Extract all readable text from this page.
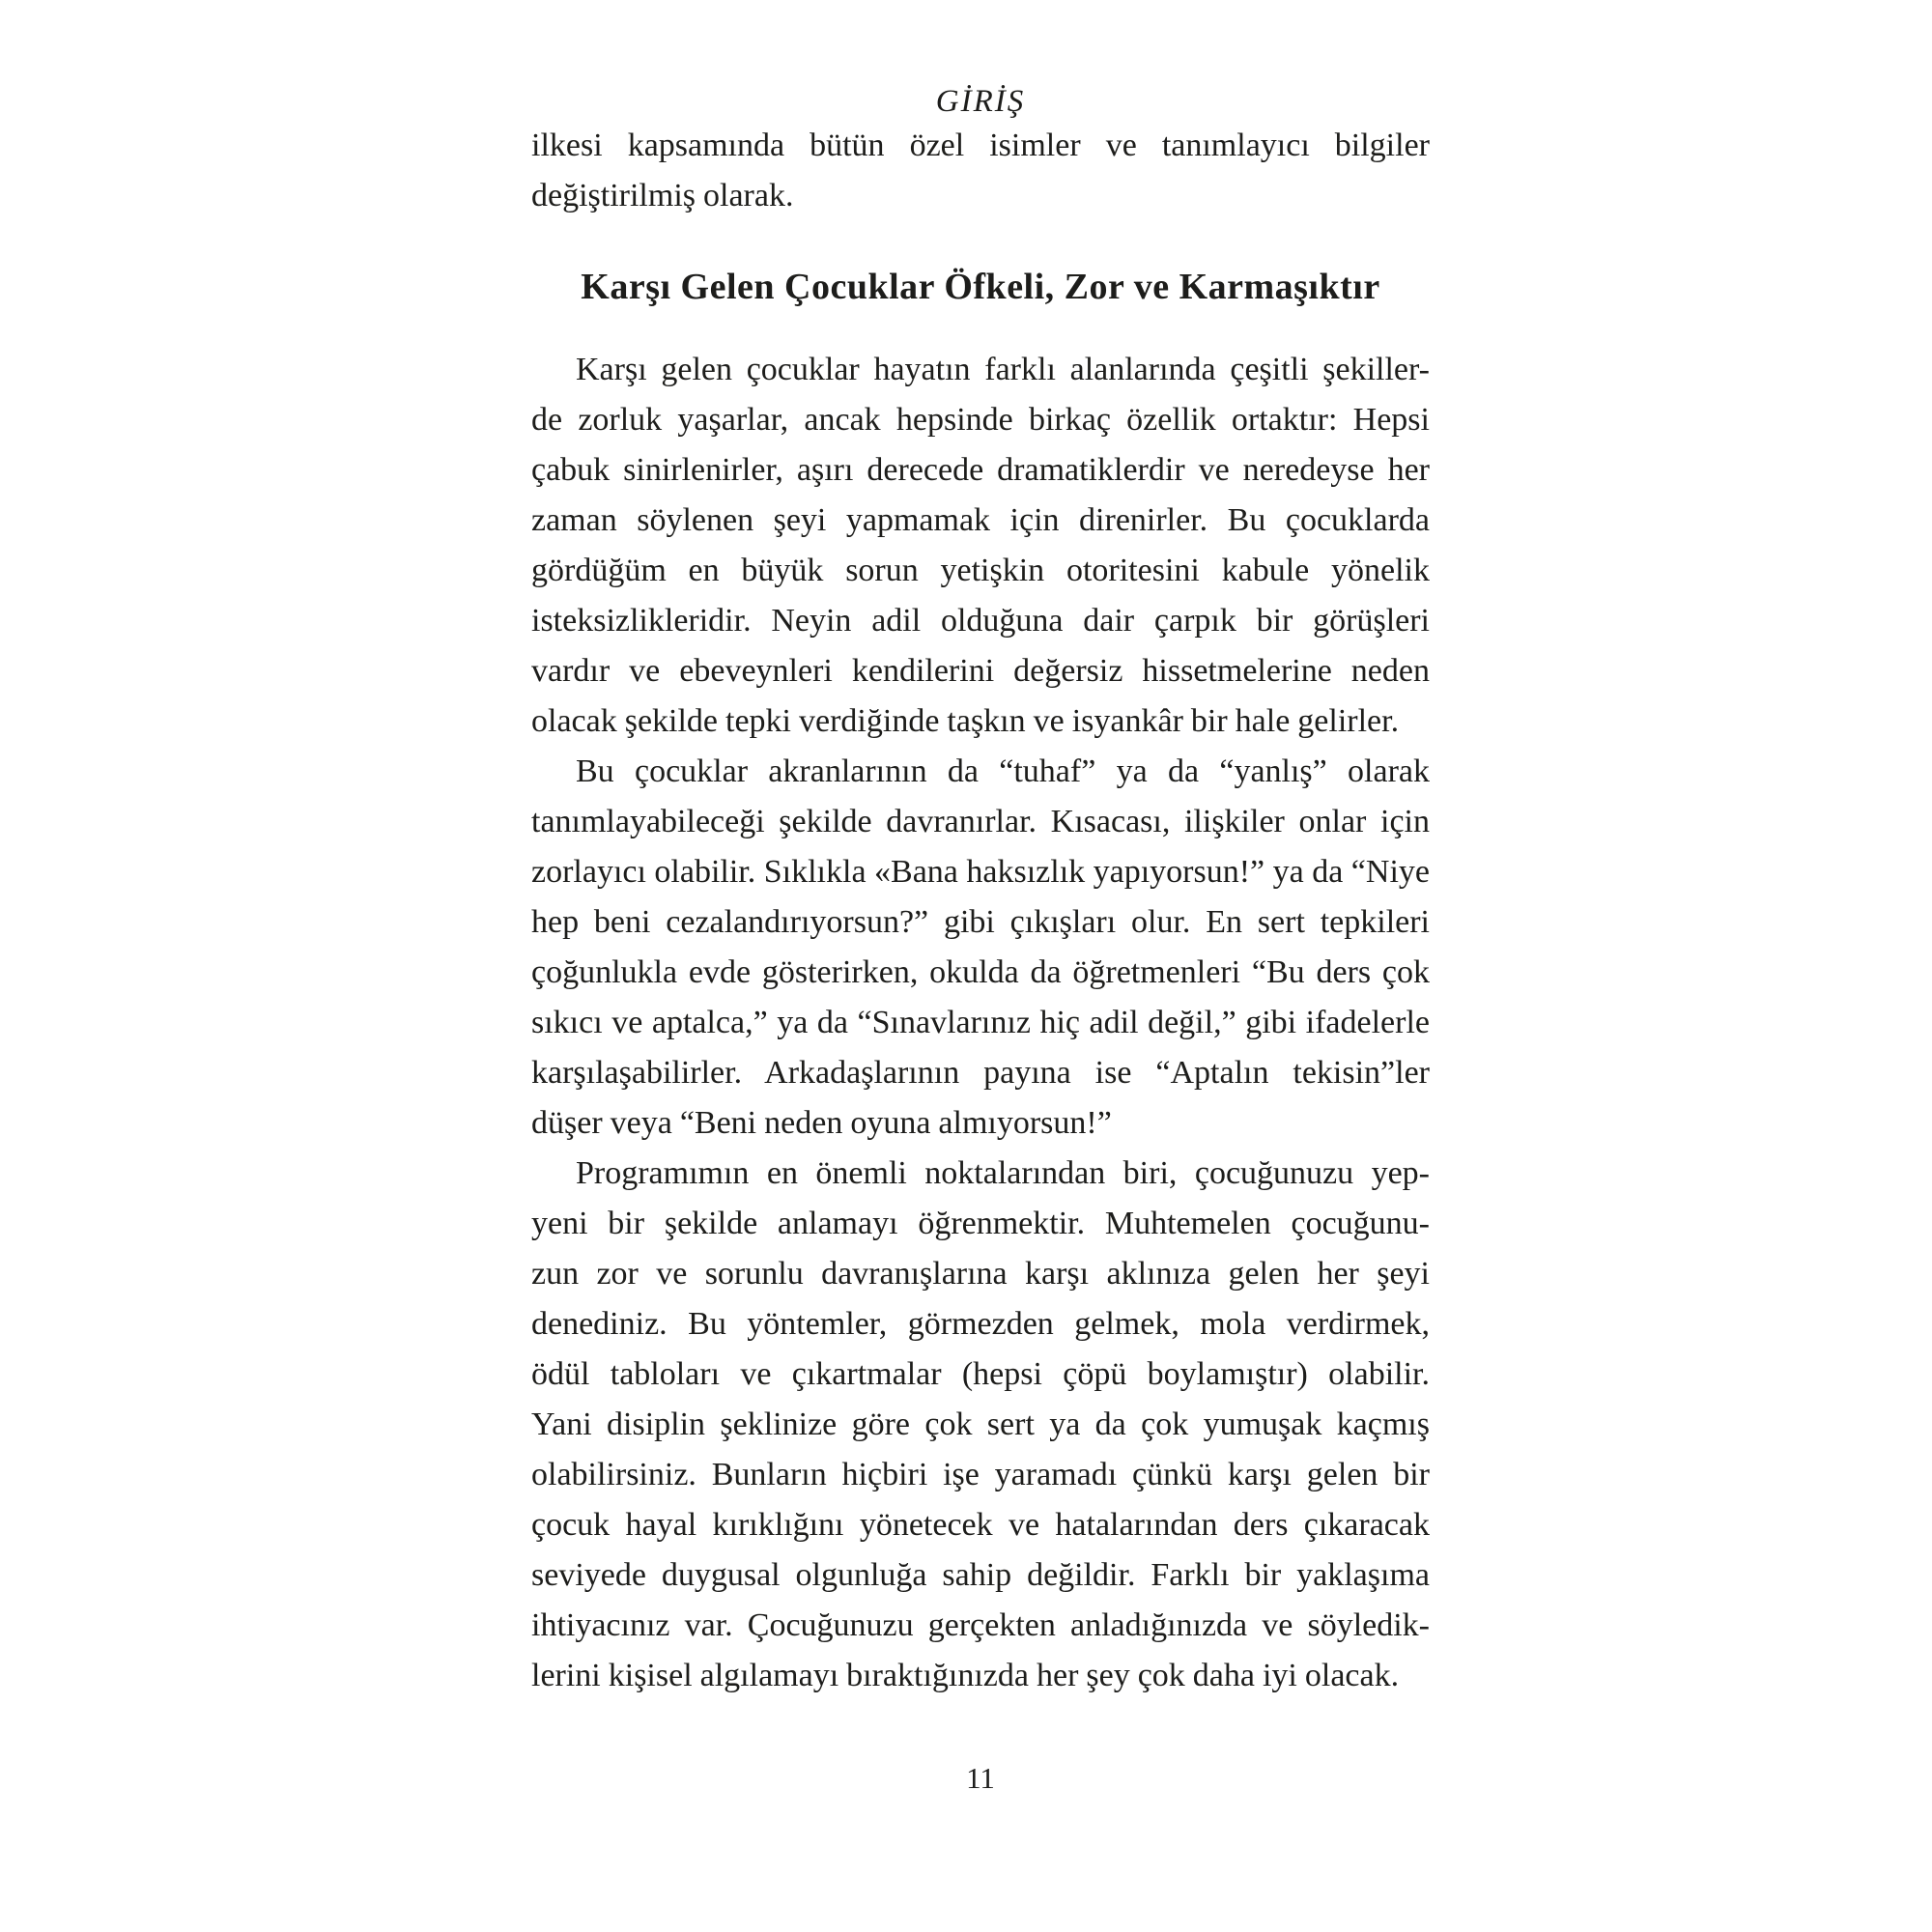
GİRİŞ
ilkesi kapsamında bütün özel isimler ve tanımlayıcı bilgiler
değiştirilmiş olarak.
Karşı Gelen Çocuklar Öfkeli, Zor ve Karmaşıktır
Karşı gelen çocuklar hayatın farklı alanlarında çeşitli şekiller-
de zorluk yaşarlar, ancak hepsinde birkaç özellik ortaktır: Hepsi
çabuk sinirlenirler, aşırı derecede dramatiklerdir ve neredeyse her
zaman söylenen şeyi yapmamak için direnirler. Bu çocuklarda
gördüğüm en büyük sorun yetişkin otoritesini kabule yönelik
isteksizlikleridir. Neyin adil olduğuna dair çarpık bir görüşleri
vardır ve ebeveynleri kendilerini değersiz hissetmelerine neden
olacak şekilde tepki verdiğinde taşkın ve isyankâr bir hale gelirler.
Bu çocuklar akranlarının da “tuhaf” ya da “yanlış” olarak
tanımlayabileceği şekilde davranırlar. Kısacası, ilişkiler onlar için
zorlayıcı olabilir. Sıklıkla «Bana haksızlık yapıyorsun!” ya da “Niye
hep beni cezalandırıyorsun?” gibi çıkışları olur. En sert tepkileri
çoğunlukla evde gösterirken, okulda da öğretmenleri “Bu ders çok
sıkıcı ve aptalca,” ya da “Sınavlarınız hiç adil değil,” gibi ifadelerle
karşılaşabilirler. Arkadaşlarının payına ise “Aptalın tekisin”ler
düşer veya “Beni neden oyuna almıyorsun!”
Programımın en önemli noktalarından biri, çocuğunuzu yep-
yeni bir şekilde anlamayı öğrenmektir. Muhtemelen çocuğunu-
zun zor ve sorunlu davranışlarına karşı aklınıza gelen her şeyi
denediniz. Bu yöntemler, görmezden gelmek, mola verdirmek,
ödül tabloları ve çıkartmalar (hepsi çöpü boylamıştır) olabilir.
Yani disiplin şeklinize göre çok sert ya da çok yumuşak kaçmış
olabilirsiniz. Bunların hiçbiri işe yaramadı çünkü karşı gelen bir
çocuk hayal kırıklığını yönetecek ve hatalarından ders çıkaracak
seviyede duygusal olgunluğa sahip değildir. Farklı bir yaklaşıma
ihtiyacınız var. Çocuğunuzu gerçekten anladığınızda ve söyledik-
lerini kişisel algılamayı bıraktığınızda her şey çok daha iyi olacak.
11
